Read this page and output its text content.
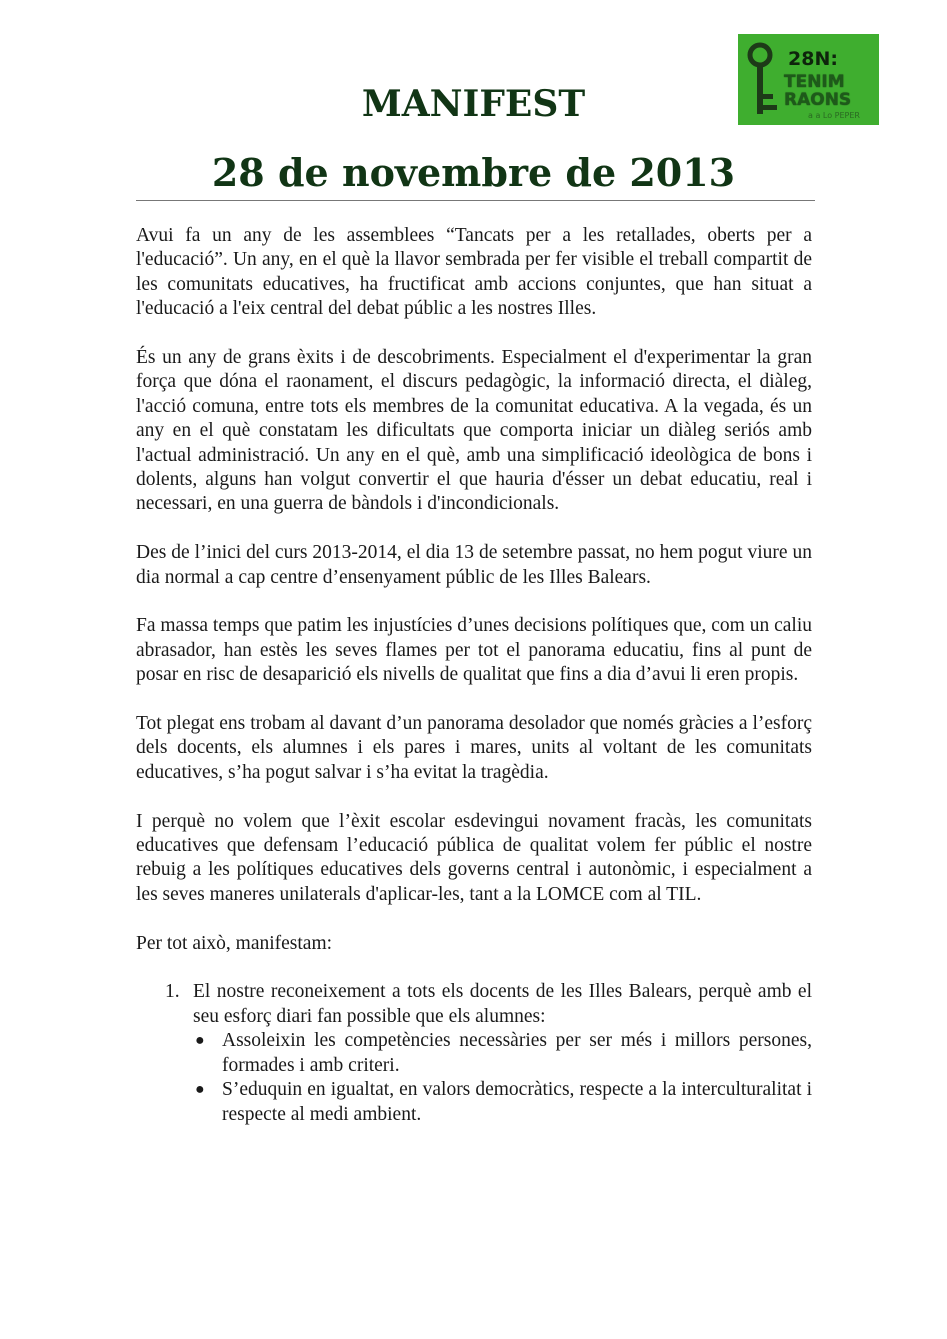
28N:
TENIM
RAONS
a a Lo PEPER
MANIFEST
28 de novembre de 2013

Avui fa un any de les assemblees “Tancats per a les retallades, oberts per a l'educació”. Un any, en el què la llavor sembrada per fer visible el treball compartit de les comunitats educatives, ha fructificat amb accions conjuntes, que han situat a l'educació a l'eix central del debat públic a les nostres Illes.

És un any de grans èxits i de descobriments. Especialment el d'experimentar la gran força que dóna el raonament, el discurs pedagògic, la informació directa, el diàleg, l'acció comuna, entre tots els membres de la comunitat educativa. A la vegada, és un any en el què constatam les dificultats que comporta iniciar un diàleg seriós amb l'actual administració. Un any en el què, amb una simplificació ideològica de bons i dolents, alguns han volgut convertir el que hauria d'ésser un debat educatiu, real i necessari, en una guerra de bàndols i d'incondicionals.

Des de l’inici del curs 2013-2014, el dia 13 de setembre passat, no hem pogut viure un dia normal a cap centre d’ensenyament públic de les Illes Balears.

Fa massa temps que patim les injustícies d’unes decisions polítiques que, com un caliu abrasador, han estès les seves flames per tot el panorama educatiu, fins al punt de posar en risc de desaparició els nivells de qualitat que fins a dia d’avui li eren propis.

Tot plegat ens trobam al davant d’un panorama desolador que només gràcies a l’esforç dels docents, els alumnes i els pares i mares, units al voltant de les comunitats educatives, s’ha pogut salvar i s’ha evitat la tragèdia.

I perquè no volem que l’èxit escolar esdevingui novament fracàs, les comunitats educatives que defensam l’educació pública de qualitat volem fer públic el nostre rebuig a les polítiques educatives dels governs central i autonòmic, i especialment a les seves maneres unilaterals d'aplicar-les, tant a la LOMCE com al TIL.

Per tot això, manifestam:

1. El nostre reconeixement a tots els docents de les Illes Balears, perquè amb el seu esforç diari fan possible que els alumnes:
● Assoleixin les competències necessàries per ser més i millors persones, formades i amb criteri.
● S’eduquin en igualtat, en valors democràtics, respecte a la interculturalitat i respecte al medi ambient.
